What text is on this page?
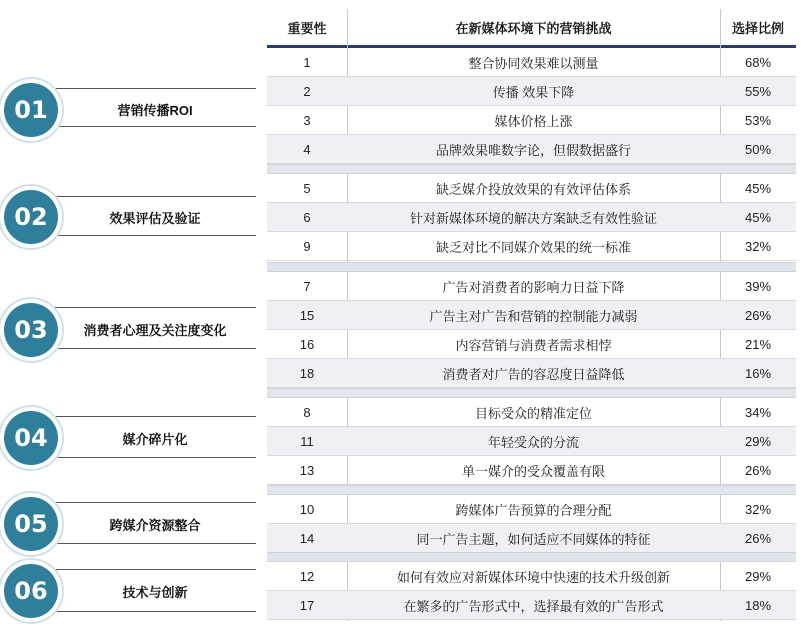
重要性	在新媒体环境下的营销挑战	选择比例
1	整合协同效果难以测量	68%
2	传播 效果下降	55%
3	媒体价格上涨	53%
4	品牌效果唯数字论，但假数据盛行	50%
5	缺乏媒介投放效果的有效评估体系	45%
6	针对新媒体环境的解决方案缺乏有效性验证	45%
9	缺乏对比不同媒介效果的统一标准	32%
7	广告对消费者的影响力日益下降	39%
15	广告主对广告和营销的控制能力减弱	26%
16	内容营销与消费者需求相悖	21%
18	消费者对广告的容忍度日益降低	16%
8	目标受众的精准定位	34%
11	年轻受众的分流	29%
13	单一媒介的受众覆盖有限	26%
10	跨媒体广告预算的合理分配	32%
14	同一广告主题，如何适应不同媒体的特征	26%
12	如何有效应对新媒体环境中快速的技术升级创新	29%
17	在繁多的广告形式中，选择最有效的广告形式	18%
营销传播ROI
01
效果评估及验证
02
消费者心理及关注度变化
03
媒介碎片化
04
跨媒介资源整合
05
技术与创新
06
